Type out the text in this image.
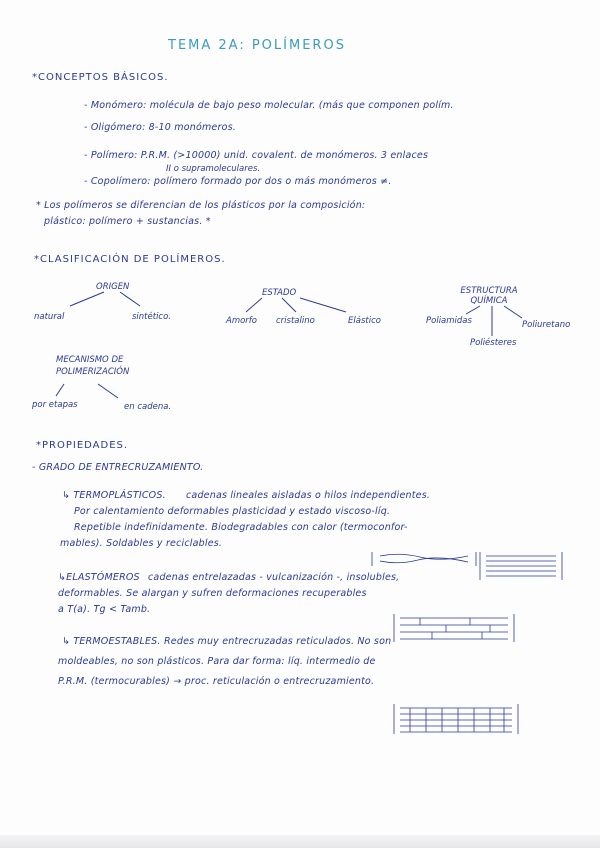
TEMA 2A: POLÍMEROS
*CONCEPTOS BÁSICOS.
- Monómero: molécula de bajo peso molecular. (más que componen polím.
- Oligómero: 8-10 monómeros.
- Polímero: P.R.M. (>10000) unid. covalent. de monómeros. 3 enlaces
II o supramoleculares.
- Copolímero: polímero formado por dos o más monómeros ≠.
* Los polímeros se diferencian de los plásticos por la composición:
plástico: polímero + sustancias. *
*CLASIFICACIÓN DE POLÍMEROS.
ORIGEN
natural	sintético.
ESTADO
Amorfo cristalino	Elástico
ESTRUCTURA QUÍMICA
Poliamidas	Poliuretano
Poliésteres
MECANISMO DE POLIMERIZACIÓN
por etapas	en cadena.
*PROPIEDADES.
- GRADO DE ENTRECRUZAMIENTO.
↳ TERMOPLÁSTICOS. cadenas lineales aisladas o hilos independientes.
Por calentamiento deformables plasticidad y estado viscoso-líq.
Repetible indefinidamente. Biodegradables con calor (termoconfor-
mables). Soldables y reciclables.
↳ELASTÓMEROS cadenas entrelazadas - vulcanización -, insolubles,
deformables. Se alargan y sufren deformaciones recuperables
a T(a). Tg < Tamb.
↳ TERMOESTABLES. Redes muy entrecruzadas reticulados. No son
moldeables, no son plásticos. Para dar forma: líq. intermedio de
P.R.M. (termocurables) → proc. reticulación o entrecruzamiento.
